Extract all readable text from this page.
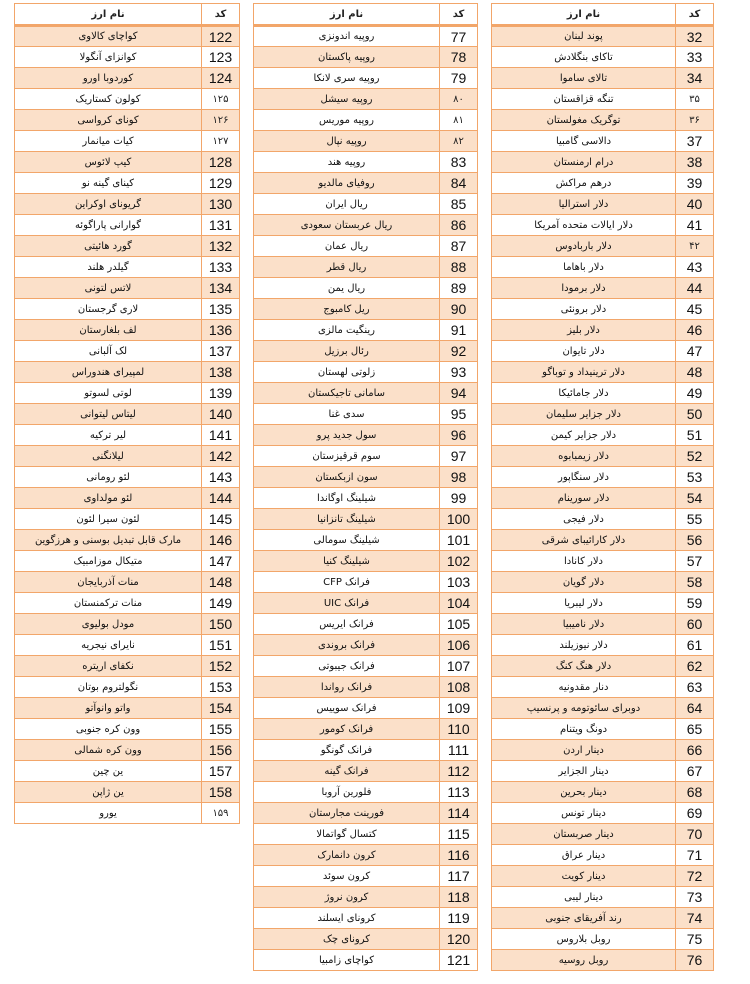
کد	نام ارز
32	پوند لبنان
33	تاکای بنگلادش
34	تالای ساموا
۳۵	تنگه قزاقستان
۳۶	توگریک مغولستان
37	دالاسی گامبیا
38	درام ارمنستان
39	درهم مراکش
40	دلار استرالیا
41	دلار ایالات متحده آمریکا
۴۲	دلار باربادوس
43	دلار باهاما
44	دلار برمودا
45	دلار برونئی
46	دلار بلیز
47	دلار تایوان
48	دلار ترینیداد و توباگو
49	دلار جامائیکا
50	دلار جزایر سلیمان
51	دلار جزایر کیمن
52	دلار زیمبابوه
53	دلار سنگاپور
54	دلار سورینام
55	دلار فیجی
56	دلار کارائیبای شرقی
57	دلار کانادا
58	دلار گویان
59	دلار لیبریا
60	دلار نامیبیا
61	دلار نیوزیلند
62	دلار هنگ کنگ
63	دنار مقدونیه
64	دوبرای سائوتومه و پرنسیپ
65	دونگ ویتنام
66	دینار اردن
67	دینار الجزایر
68	دینار بحرین
69	دینار تونس
70	دینار صربستان
71	دینار عراق
72	دینار کویت
73	دینار لیبی
74	رند آفریقای جنوبی
75	روبل بلاروس
76	روبل روسیه
کد	نام ارز
77	روپیه اندونزی
78	روپیه پاکستان
79	روپیه سری لانکا
۸۰	روپیه سیشل
۸۱	روپیه موریس
۸۲	روپیه نپال
83	روپیه هند
84	روفیای مالدیو
85	ریال ایران
86	ریال عربستان سعودی
87	ریال عمان
88	ریال قطر
89	ریال یمن
90	ریل کامبوج
91	رینگیت مالزی
92	رئال برزیل
93	زلوتی لهستان
94	سامانی تاجیکستان
95	سدی غنا
96	سول جدید پرو
97	سوم قرقیزستان
98	سون ازبکستان
99	شیلینگ اوگاندا
100	شیلینگ تانزانیا
101	شیلینگ سومالی
102	شیلینگ کنیا
103	فرانک CFP
104	فرانک UIC
105	فرانک ایریس
106	فرانک بروندی
107	فرانک جیبوتی
108	فرانک رواندا
109	فرانک سوییس
110	فرانک کومور
111	فرانک گونگو
112	فرانک گینه
113	فلورین آروبا
114	فورینت مجارستان
115	کتسال گواتمالا
116	کرون دانمارک
117	کرون سوئد
118	کرون نروژ
119	کرونای ایسلند
120	کرونای چک
121	کواچای زامبیا
کد	نام ارز
122	کواچای کالاوی
123	کوانزای آنگولا
124	کوردوبا اورو
۱۲۵	کولون کستاریک
۱۲۶	کونای کرواسی
۱۲۷	کیات میانمار
128	کیپ لائوس
129	کینای گینه نو
130	گریونای اوکراین
131	گوارانی پاراگوئه
132	گورد هائیتی
133	گیلدر هلند
134	لاتس لتونی
135	لاری گرجستان
136	لف بلغارستان
137	لک آلبانی
138	لمپیرای هندوراس
139	لوتی لسوتو
140	لیتاس لیتوانی
141	لیر ترکیه
142	لیلانگنی
143	لئو رومانی
144	لئو مولداوی
145	لئون سیرا لئون
146	مارک قابل تبدیل بوسنی و هرزگوین
147	متیکال موزامبیک
148	منات آذربایجان
149	منات ترکمنستان
150	مودل بولیوی
151	نایرای نیجریه
152	نکفای اریتره
153	نگولتروم بوتان
154	واتو وانوآتو
155	وون کره جنوبی
156	وون کره شمالی
157	ین چین
158	ین ژاپن
۱۵۹	یورو
